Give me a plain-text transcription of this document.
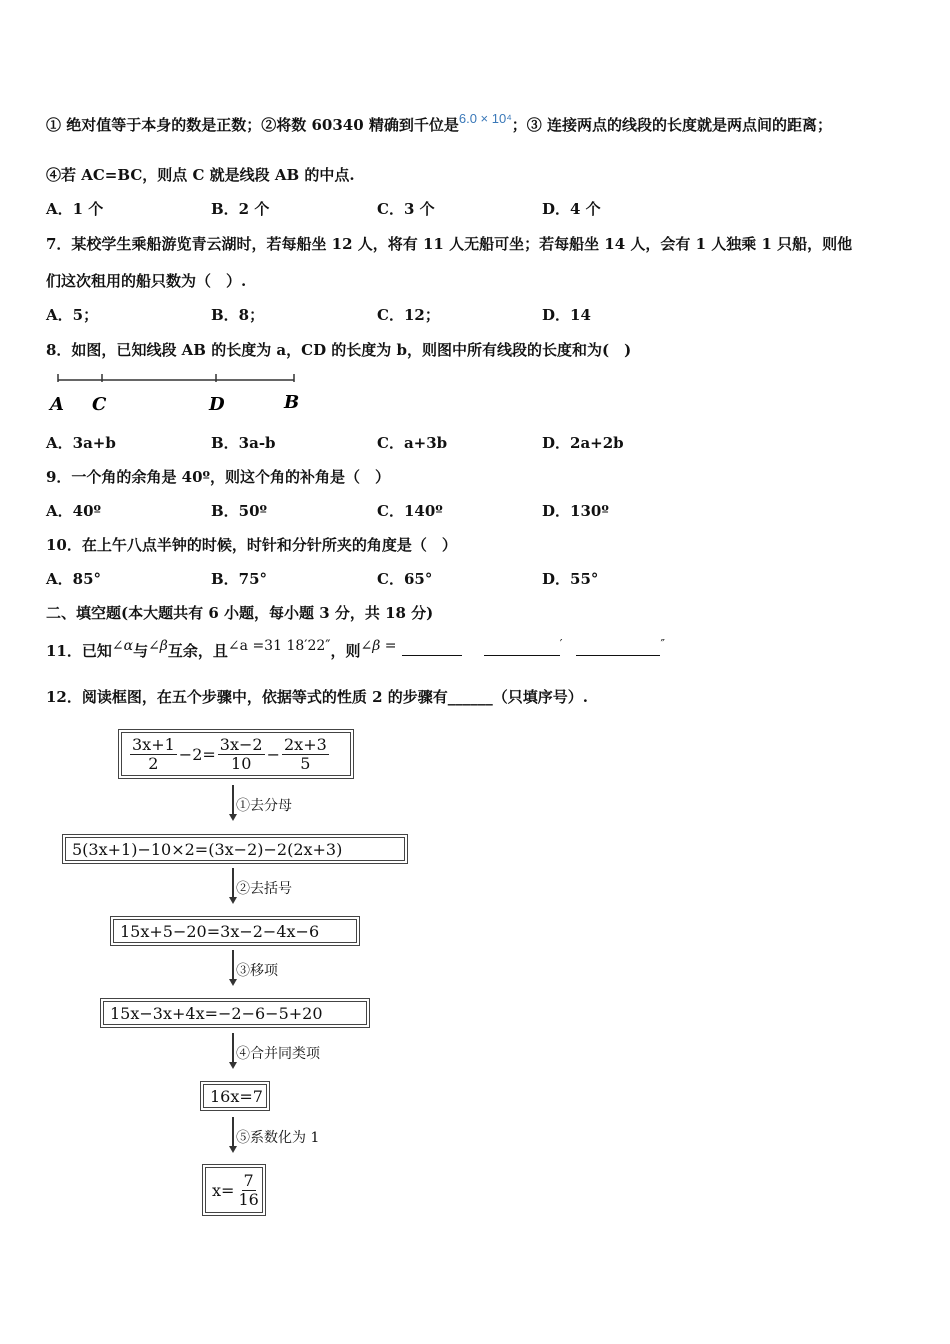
① 绝对值等于本身的数是正数；②将数 60340 精确到千位是6.0 × 10⁴；③ 连接两点的线段的长度就是两点间的距离；
④若 AC=BC，则点 C 就是线段 AB 的中点.
A．1 个	B．2 个	C．3 个	D．4 个
7．某校学生乘船游览青云湖时，若每船坐 12 人，将有 11 人无船可坐；若每船坐 14 人，会有 1 人独乘 1 只船，则他
们这次租用的船只数为（　）.
A．5；	B．8；	C．12；	D．14
8．如图，已知线段 AB 的长度为 a，CD 的长度为 b，则图中所有线段的长度和为(　)
A C	D	B
A．3a+b	B．3a-b	C．a+3b	D．2a+2b
9．一个角的余角是 40º，则这个角的补角是（　）
A．40º	B．50º	C．140º	D．130º
10．在上午八点半钟的时候，时针和分针所夹的角度是（　）
A．85°	B．75°	C．65°	D．55°
二、填空题(本大题共有 6 小题，每小题 3 分，共 18 分)
11．已知∠α与∠β互余，且∠a =31 18′22″，则∠β =	′	″
12．阅读框图，在五个步骤中，依据等式的性质 2 的步骤有______（只填序号）.
$\frac{3x+1}{2} -2= \frac{3x-2}{10} - \frac{2x+3}{5}$
①去分母
5(3x+1)−10×2=(3x−2)−2(2x+3)
②去括号
15x+5−20=3x−2−4x−6
③移项
15x−3x+4x=−2−6−5+20
④合并同类项
16x=7
⑤系数化为 1
$x= \frac{7}{16}$
